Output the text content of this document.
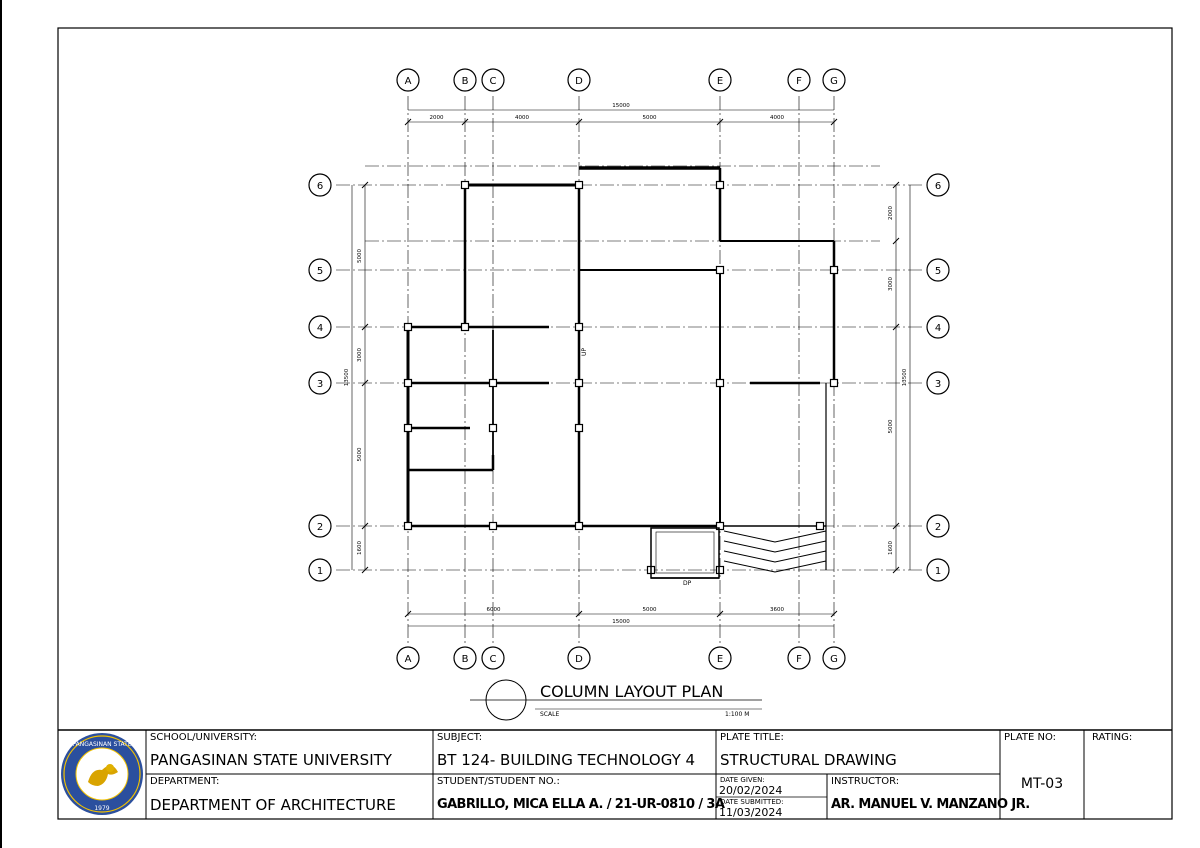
A
A
B
B
C
C
D
D
E
E
F
F
G
G
6	6
5	5
4	4
3	3
2	2
1	1
2000	4000	5000	4000
15000
6000	5000	3600
15000
5000
3000
5000
1600
13500
2000
3000
5000
1600
13500
UP
DP
COLUMN LAYOUT PLAN
SCALE	1:100 M
PANGASINAN STATE
1979
SCHOOL/UNIVERSITY:
PANGASINAN STATE UNIVERSITY
DEPARTMENT:
DEPARTMENT OF ARCHITECTURE
SUBJECT:
BT 124- BUILDING TECHNOLOGY 4
STUDENT/STUDENT NO.:
GABRILLO, MICA ELLA A. / 21-UR-0810 / 3A
PLATE TITLE:
STRUCTURAL DRAWING
DATE GIVEN:
20/02/2024
DATE SUBMITTED:
11/03/2024
INSTRUCTOR:
AR. MANUEL V. MANZANO JR.
PLATE NO:
MT-03
RATING:
